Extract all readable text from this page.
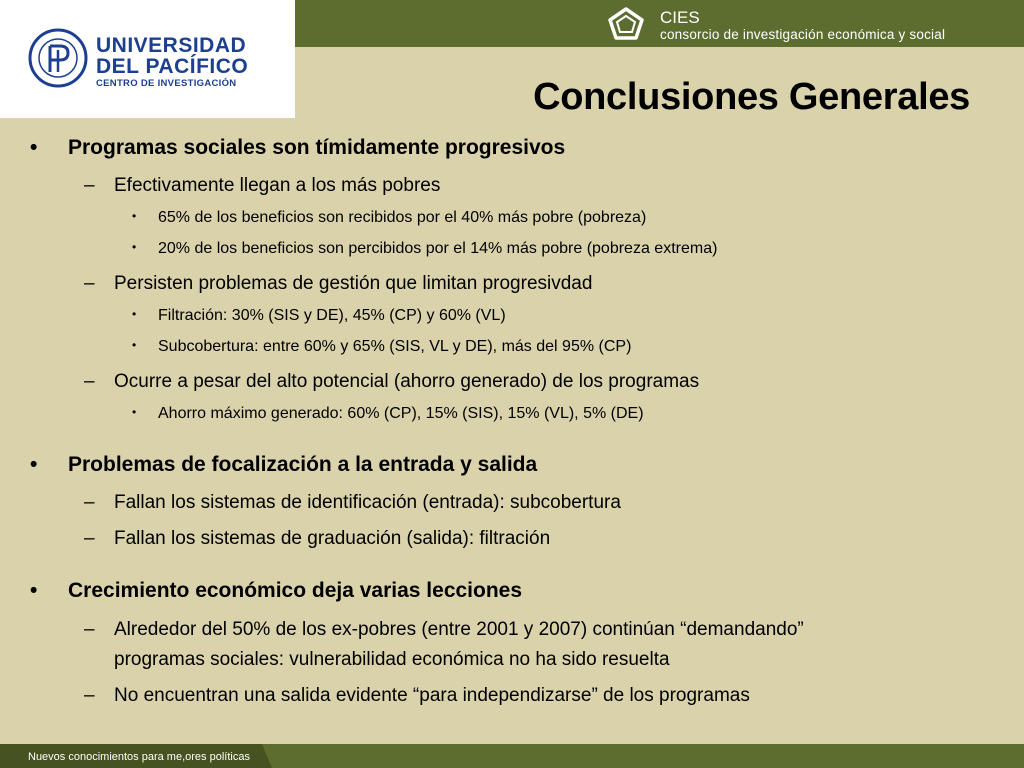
UNIVERSIDAD
DEL PACÍFICO
CENTRO DE INVESTIGACIÓN
CIES
consorcio de investigación económica y social
Conclusiones Generales
• Programas sociales son tímidamente progresivos
– Efectivamente llegan a los más pobres
• 65% de los beneficios son recibidos por el 40% más pobre (pobreza)
• 20% de los beneficios son percibidos por el 14% más pobre (pobreza extrema)
– Persisten problemas de gestión que limitan progresivdad
• Filtración: 30% (SIS y DE), 45% (CP) y 60% (VL)
• Subcobertura: entre 60% y 65% (SIS, VL y DE), más del 95% (CP)
– Ocurre a pesar del alto potencial (ahorro generado) de los programas
• Ahorro máximo generado: 60% (CP), 15% (SIS), 15% (VL), 5% (DE)
• Problemas de focalización a la entrada y salida
– Fallan los sistemas de identificación (entrada): subcobertura
– Fallan los sistemas de graduación (salida): filtración
• Crecimiento económico deja varias lecciones
– Alrededor del 50% de los ex-pobres (entre 2001 y 2007) continúan “demandando”
programas sociales: vulnerabilidad económica no ha sido resuelta
– No encuentran una salida evidente “para independizarse” de los programas
Nuevos conocimientos para me,ores políticas
